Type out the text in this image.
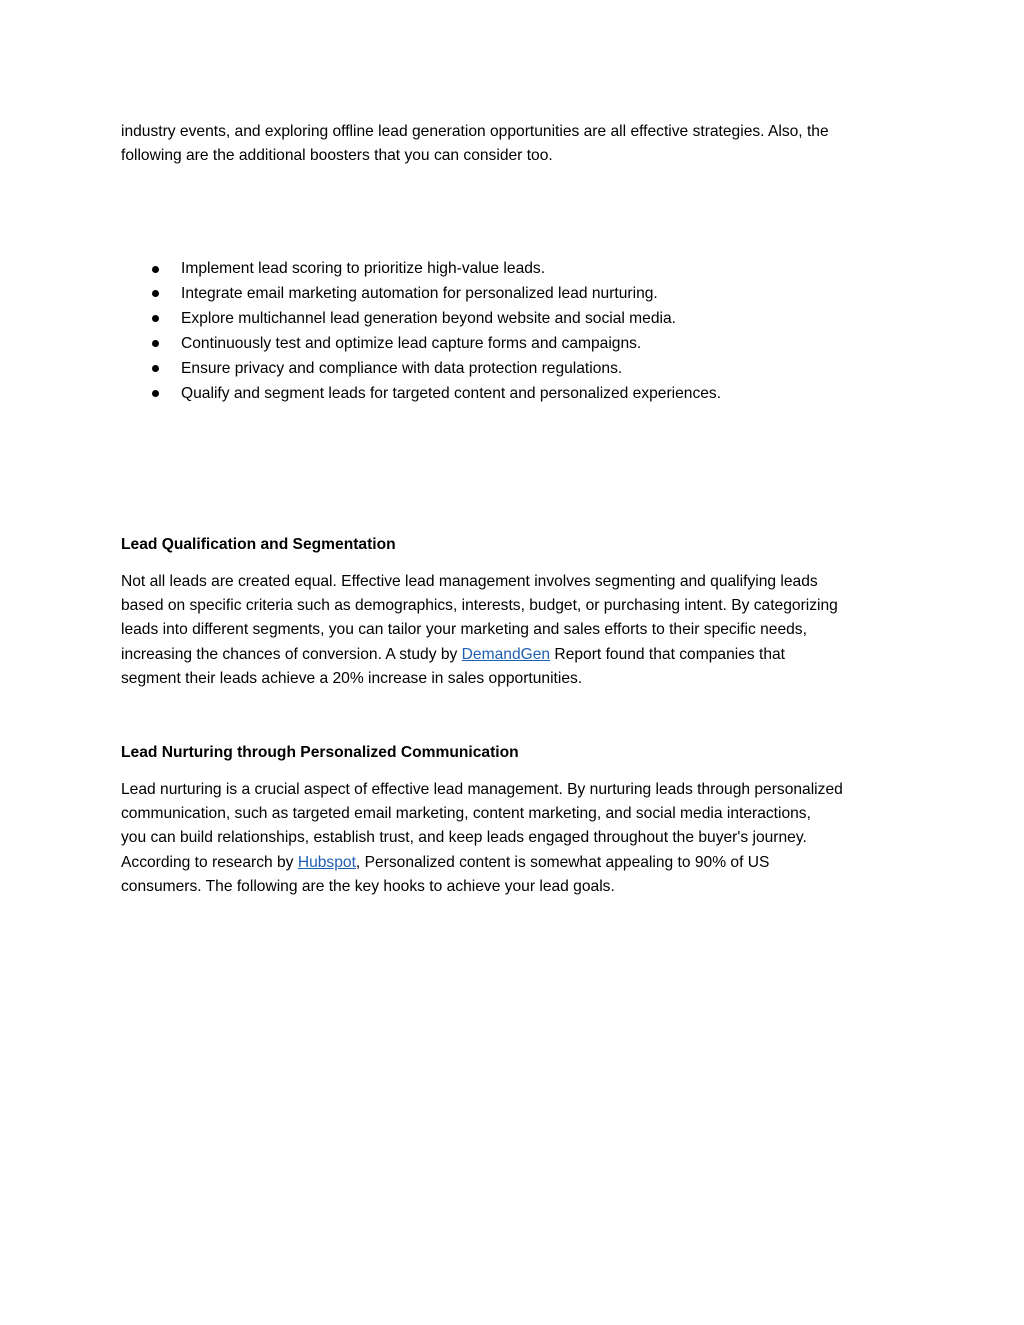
industry events, and exploring offline lead generation opportunities are all effective strategies. Also, the
following are the additional boosters that you can consider too.
Implement lead scoring to prioritize high-value leads.
Integrate email marketing automation for personalized lead nurturing.
Explore multichannel lead generation beyond website and social media.
Continuously test and optimize lead capture forms and campaigns.
Ensure privacy and compliance with data protection regulations.
Qualify and segment leads for targeted content and personalized experiences.
Lead Qualification and Segmentation
Not all leads are created equal. Effective lead management involves segmenting and qualifying leads
based on specific criteria such as demographics, interests, budget, or purchasing intent. By categorizing
leads into different segments, you can tailor your marketing and sales efforts to their specific needs,
increasing the chances of conversion. A study by DemandGen Report found that companies that
segment their leads achieve a 20% increase in sales opportunities.
Lead Nurturing through Personalized Communication
Lead nurturing is a crucial aspect of effective lead management. By nurturing leads through personalized
communication, such as targeted email marketing, content marketing, and social media interactions,
you can build relationships, establish trust, and keep leads engaged throughout the buyer's journey.
According to research by Hubspot, Personalized content is somewhat appealing to 90% of US
consumers. The following are the key hooks to achieve your lead goals.
